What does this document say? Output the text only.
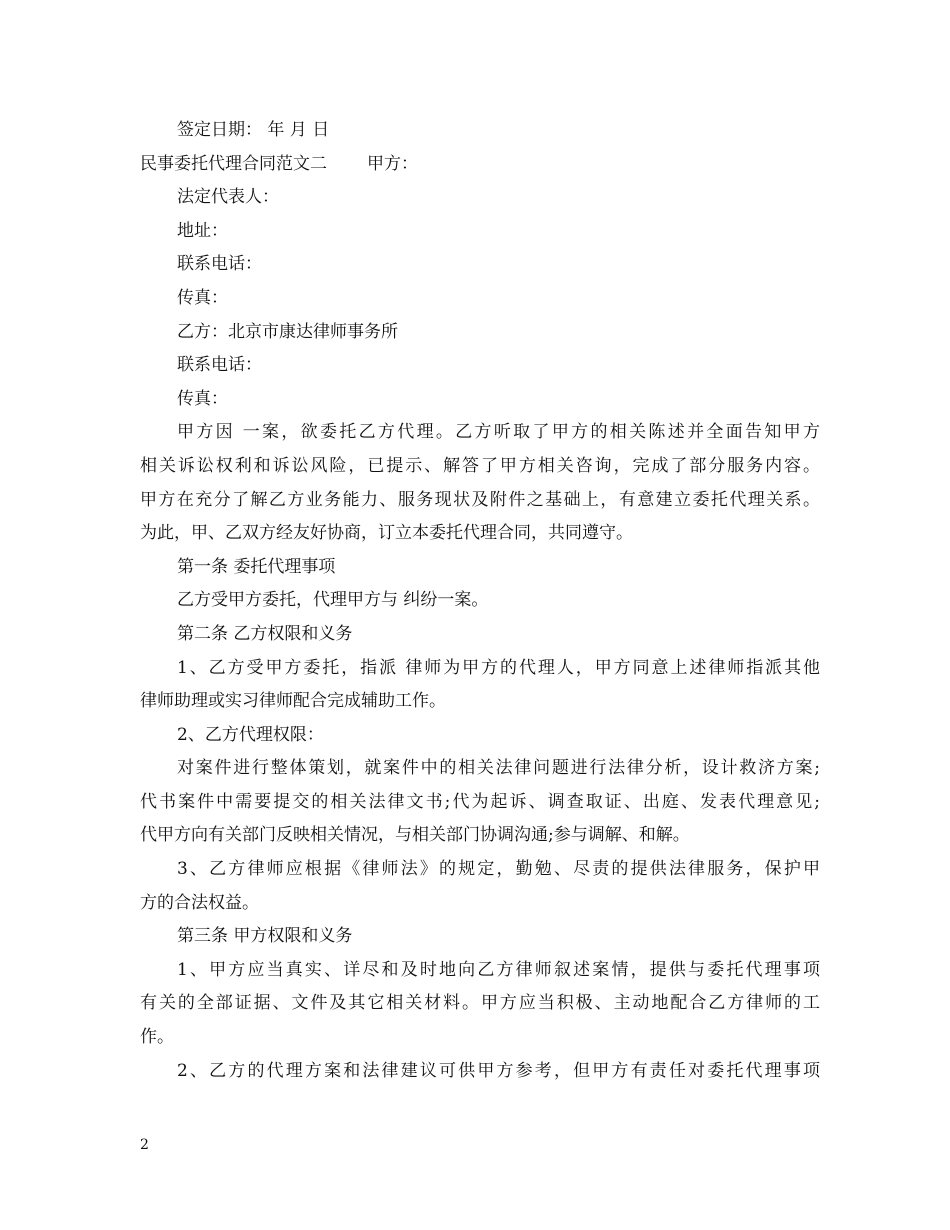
签定日期： 年 月 日
民事委托代理合同范文二 甲方：
法定代表人：
地址：
联系电话：
传真：
乙方：北京市康达律师事务所
联系电话：
传真：
甲方因 一案，欲委托乙方代理。乙方听取了甲方的相关陈述并全面告知甲方
相关诉讼权利和诉讼风险，已提示、解答了甲方相关咨询，完成了部分服务内容。
甲方在充分了解乙方业务能力、服务现状及附件之基础上，有意建立委托代理关系。
为此，甲、乙双方经友好协商，订立本委托代理合同，共同遵守。
第一条 委托代理事项
乙方受甲方委托，代理甲方与 纠纷一案。
第二条 乙方权限和义务
1、乙方受甲方委托，指派 律师为甲方的代理人，甲方同意上述律师指派其他
律师助理或实习律师配合完成辅助工作。
2、乙方代理权限：
对案件进行整体策划，就案件中的相关法律问题进行法律分析，设计救济方案;
代书案件中需要提交的相关法律文书;代为起诉、调查取证、出庭、发表代理意见;
代甲方向有关部门反映相关情况，与相关部门协调沟通;参与调解、和解。
3、乙方律师应根据《律师法》的规定，勤勉、尽责的提供法律服务，保护甲
方的合法权益。
第三条 甲方权限和义务
1、甲方应当真实、详尽和及时地向乙方律师叙述案情，提供与委托代理事项
有关的全部证据、文件及其它相关材料。甲方应当积极、主动地配合乙方律师的工
作。
2、乙方的代理方案和法律建议可供甲方参考，但甲方有责任对委托代理事项
2
